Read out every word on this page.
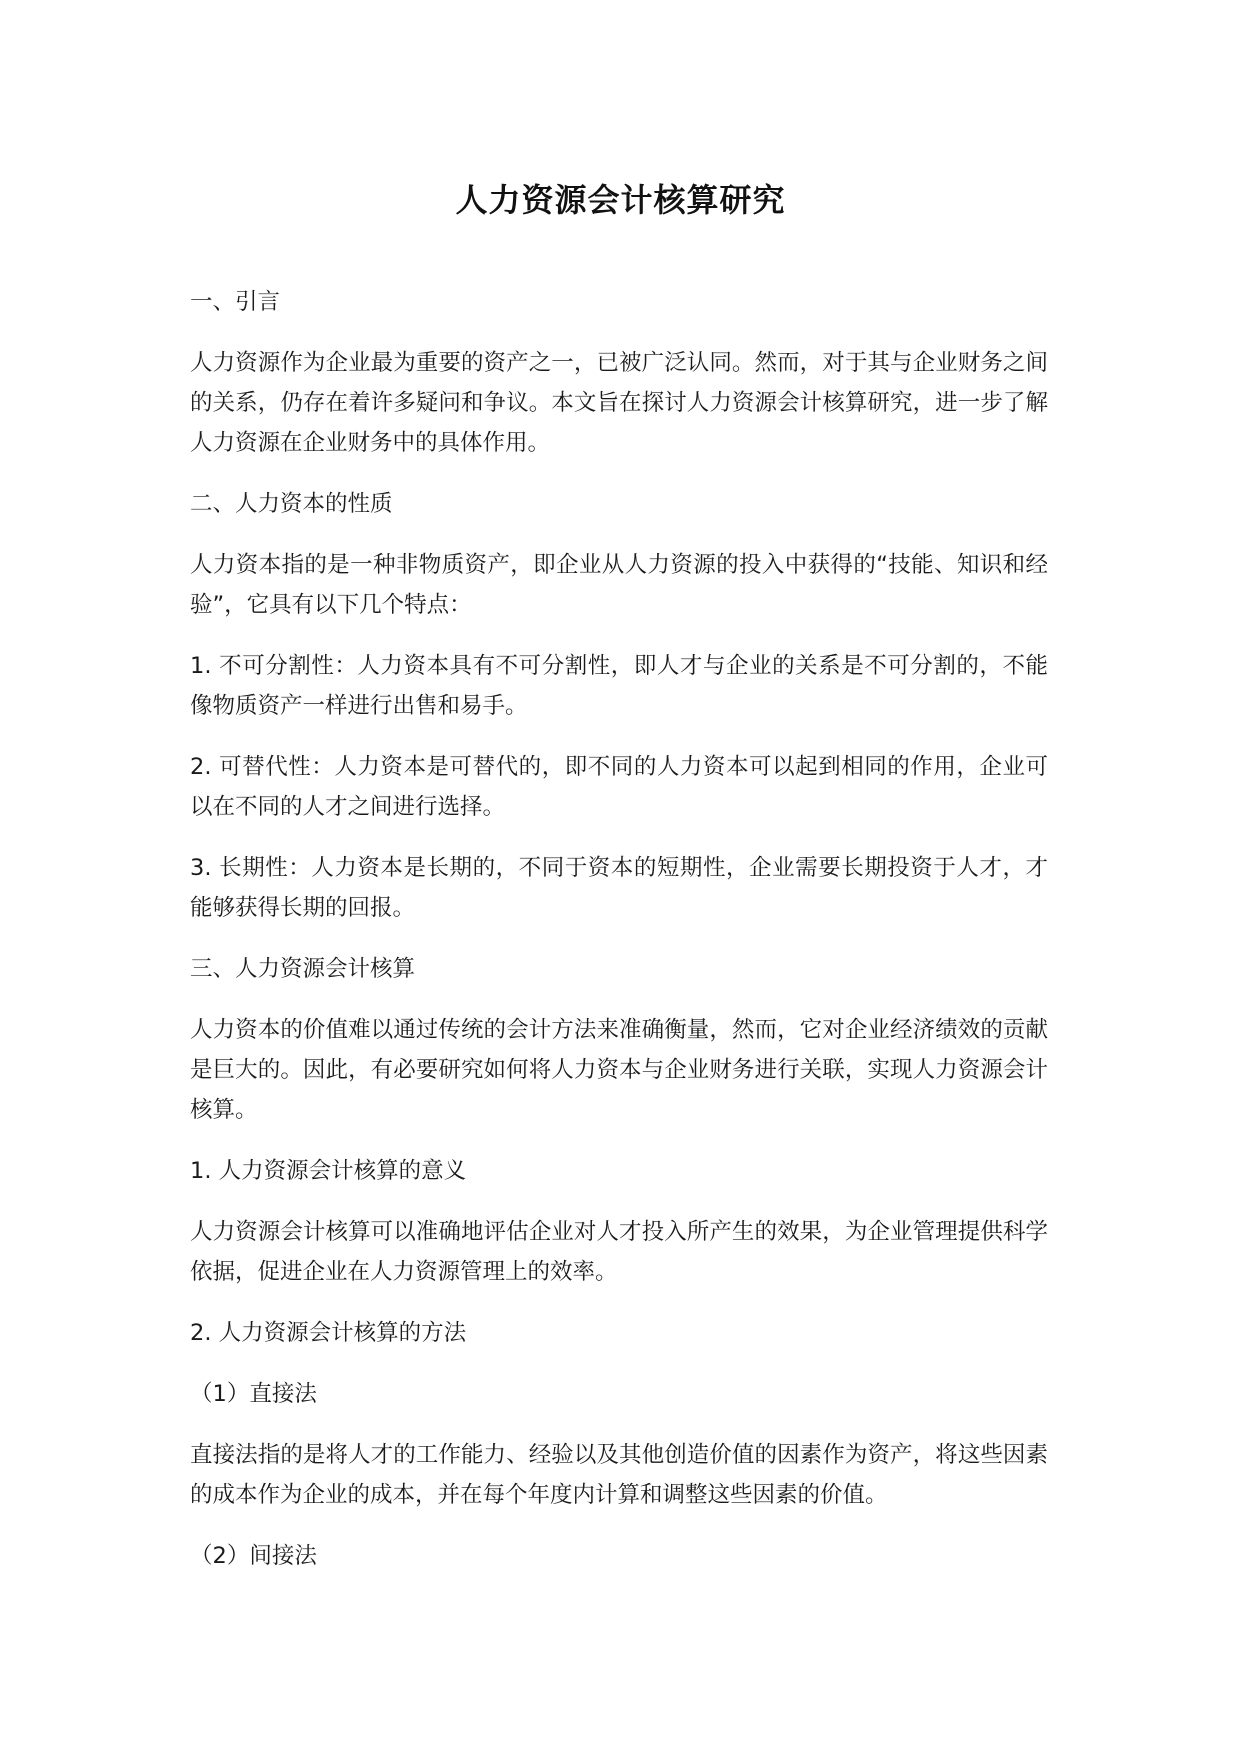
人力资源会计核算研究
一、引言

人力资源作为企业最为重要的资产之一，已被广泛认同。然而，对于其与企业财务之间的关系，仍存在着许多疑问和争议。本文旨在探讨人力资源会计核算研究，进一步了解人力资源在企业财务中的具体作用。

二、人力资本的性质

人力资本指的是一种非物质资产，即企业从人力资源的投入中获得的“技能、知识和经验”，它具有以下几个特点：

1. 不可分割性：人力资本具有不可分割性，即人才与企业的关系是不可分割的，不能像物质资产一样进行出售和易手。

2. 可替代性：人力资本是可替代的，即不同的人力资本可以起到相同的作用，企业可以在不同的人才之间进行选择。

3. 长期性：人力资本是长期的，不同于资本的短期性，企业需要长期投资于人才，才能够获得长期的回报。

三、人力资源会计核算

人力资本的价值难以通过传统的会计方法来准确衡量，然而，它对企业经济绩效的贡献是巨大的。因此，有必要研究如何将人力资本与企业财务进行关联，实现人力资源会计核算。

1. 人力资源会计核算的意义

人力资源会计核算可以准确地评估企业对人才投入所产生的效果，为企业管理提供科学依据，促进企业在人力资源管理上的效率。

2. 人力资源会计核算的方法
（1）直接法

直接法指的是将人才的工作能力、经验以及其他创造价值的因素作为资产，将这些因素的成本作为企业的成本，并在每个年度内计算和调整这些因素的价值。

（2）间接法
